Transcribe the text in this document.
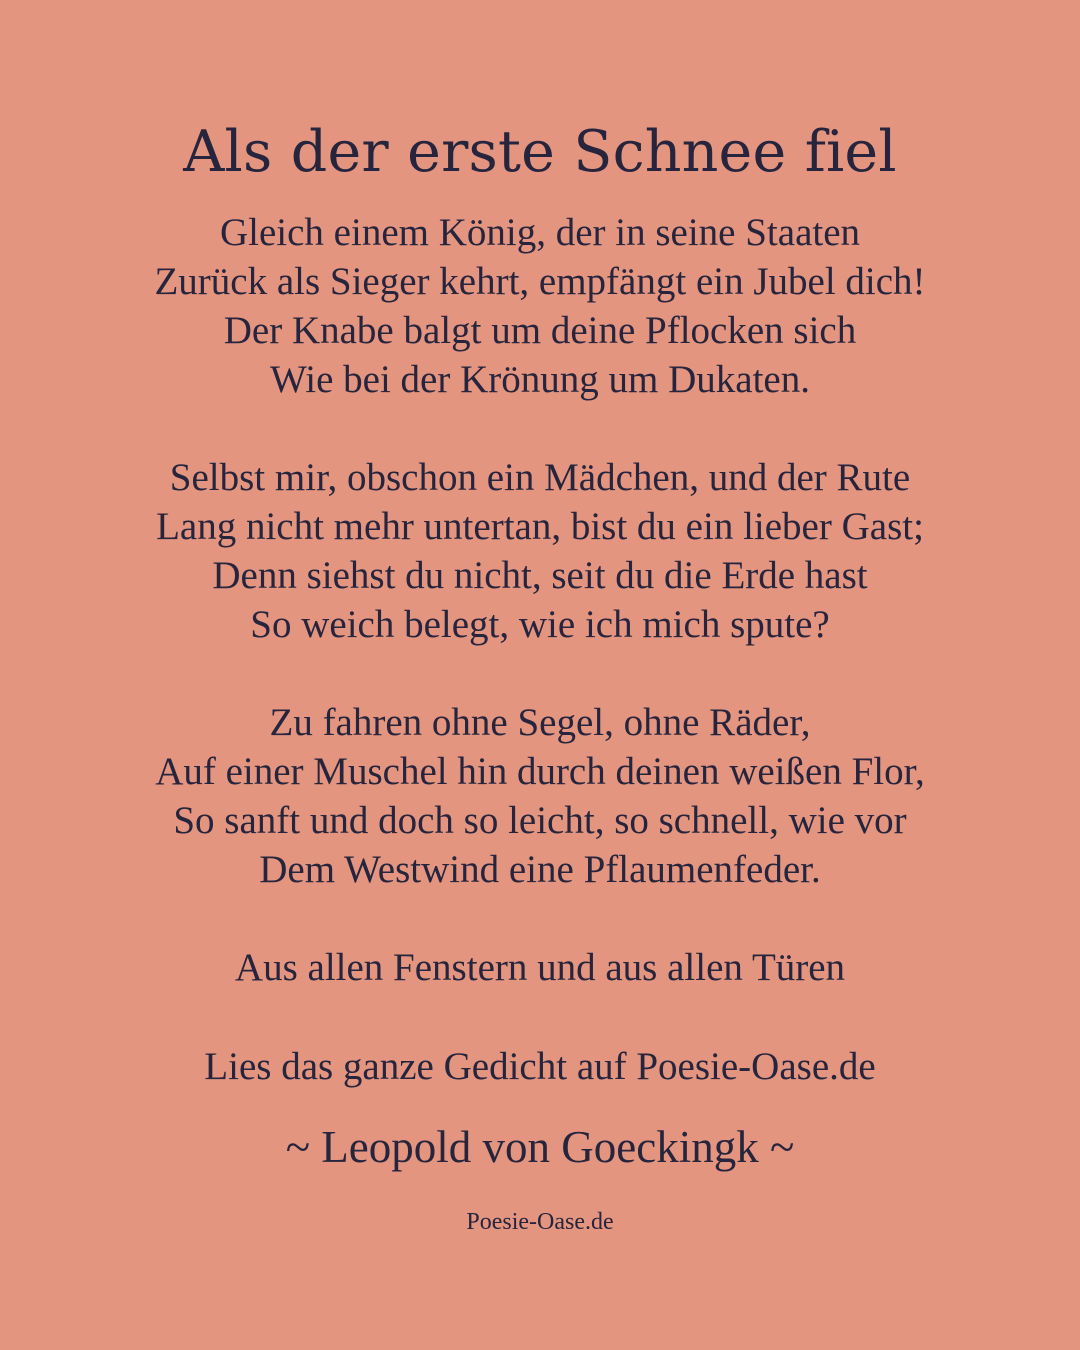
Als der erste Schnee fiel
Gleich einem König, der in seine Staaten
Zurück als Sieger kehrt, empfängt ein Jubel dich!
Der Knabe balgt um deine Pflocken sich
Wie bei der Krönung um Dukaten.
Selbst mir, obschon ein Mädchen, und der Rute
Lang nicht mehr untertan, bist du ein lieber Gast;
Denn siehst du nicht, seit du die Erde hast
So weich belegt, wie ich mich spute?
Zu fahren ohne Segel, ohne Räder,
Auf einer Muschel hin durch deinen weißen Flor,
So sanft und doch so leicht, so schnell, wie vor
Dem Westwind eine Pflaumenfeder.
Aus allen Fenstern und aus allen Türen
Lies das ganze Gedicht auf Poesie-Oase.de
~ Leopold von Goeckingk ~
Poesie-Oase.de
